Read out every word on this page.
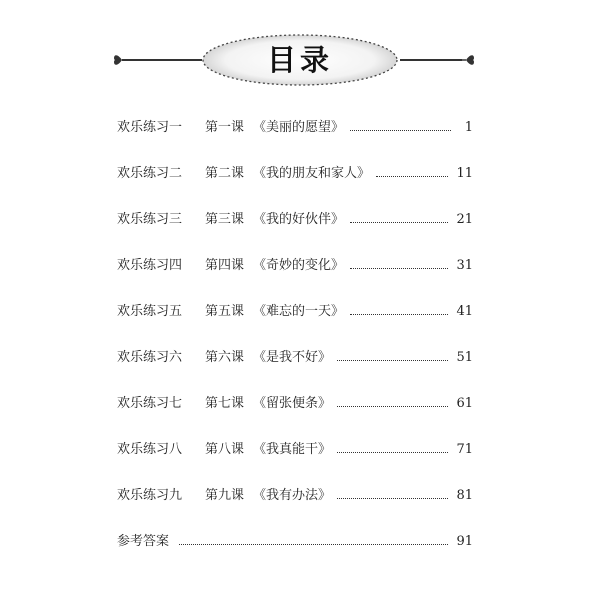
目录
欢乐练习一	第一课 《美丽的愿望》	1
欢乐练习二	第二课 《我的朋友和家人》	11
欢乐练习三	第三课 《我的好伙伴》	21
欢乐练习四	第四课 《奇妙的变化》	31
欢乐练习五	第五课 《难忘的一天》	41
欢乐练习六	第六课 《是我不好》	51
欢乐练习七	第七课 《留张便条》	61
欢乐练习八	第八课 《我真能干》	71
欢乐练习九	第九课 《我有办法》	81
参考答案	91
